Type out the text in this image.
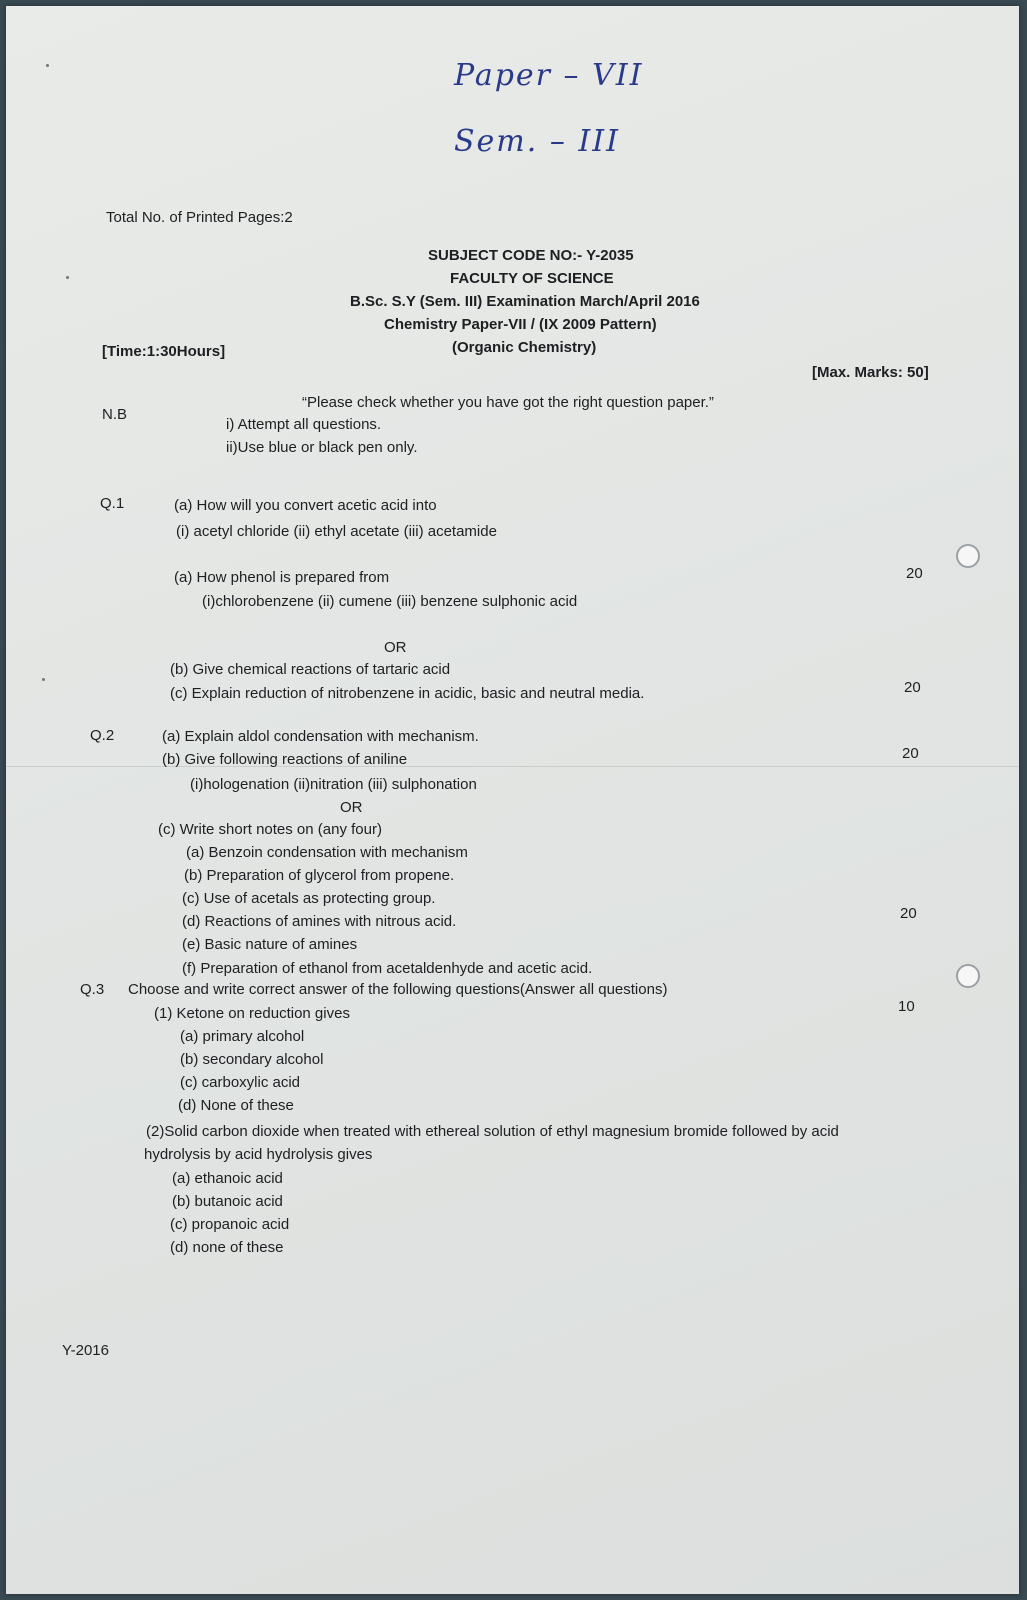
Paper – VII
Sem. – III
Total No. of Printed Pages:2
SUBJECT CODE NO:- Y-2035
FACULTY OF SCIENCE
B.Sc. S.Y (Sem. III) Examination March/April 2016
Chemistry Paper-VII / (IX 2009 Pattern)
(Organic Chemistry)
[Time:1:30Hours]
[Max. Marks: 50]
“Please check whether you have got the right question paper.”
N.B
i) Attempt all questions.
ii)Use blue or black pen only.
Q.1	(a) How will you convert acetic acid into
(i) acetyl chloride (ii) ethyl acetate (iii) acetamide
(a) How phenol is prepared from
(i)chlorobenzene (ii) cumene (iii) benzene sulphonic acid
20
OR
(b) Give chemical reactions of tartaric acid
(c) Explain reduction of nitrobenzene in acidic, basic and neutral media.	20
Q.2	(a) Explain aldol condensation with mechanism.
(b) Give following reactions of aniline
(i)hologenation (ii)nitration (iii) sulphonation
20
OR
(c) Write short notes on (any four)
(a) Benzoin condensation with mechanism
(b) Preparation of glycerol from propene.
(c) Use of acetals as protecting group.
(d) Reactions of amines with nitrous acid.
(e) Basic nature of amines
(f) Preparation of ethanol from acetaldenhyde and acetic acid.
20
Q.3 Choose and write correct answer of the following questions(Answer all questions)
10
(1) Ketone on reduction gives
(a) primary alcohol
(b) secondary alcohol
(c) carboxylic acid
(d) None of these
(2)Solid carbon dioxide when treated with ethereal solution of ethyl magnesium bromide followed by acid
hydrolysis by acid hydrolysis gives
(a) ethanoic acid
(b) butanoic acid
(c) propanoic acid
(d) none of these
Y-2016
